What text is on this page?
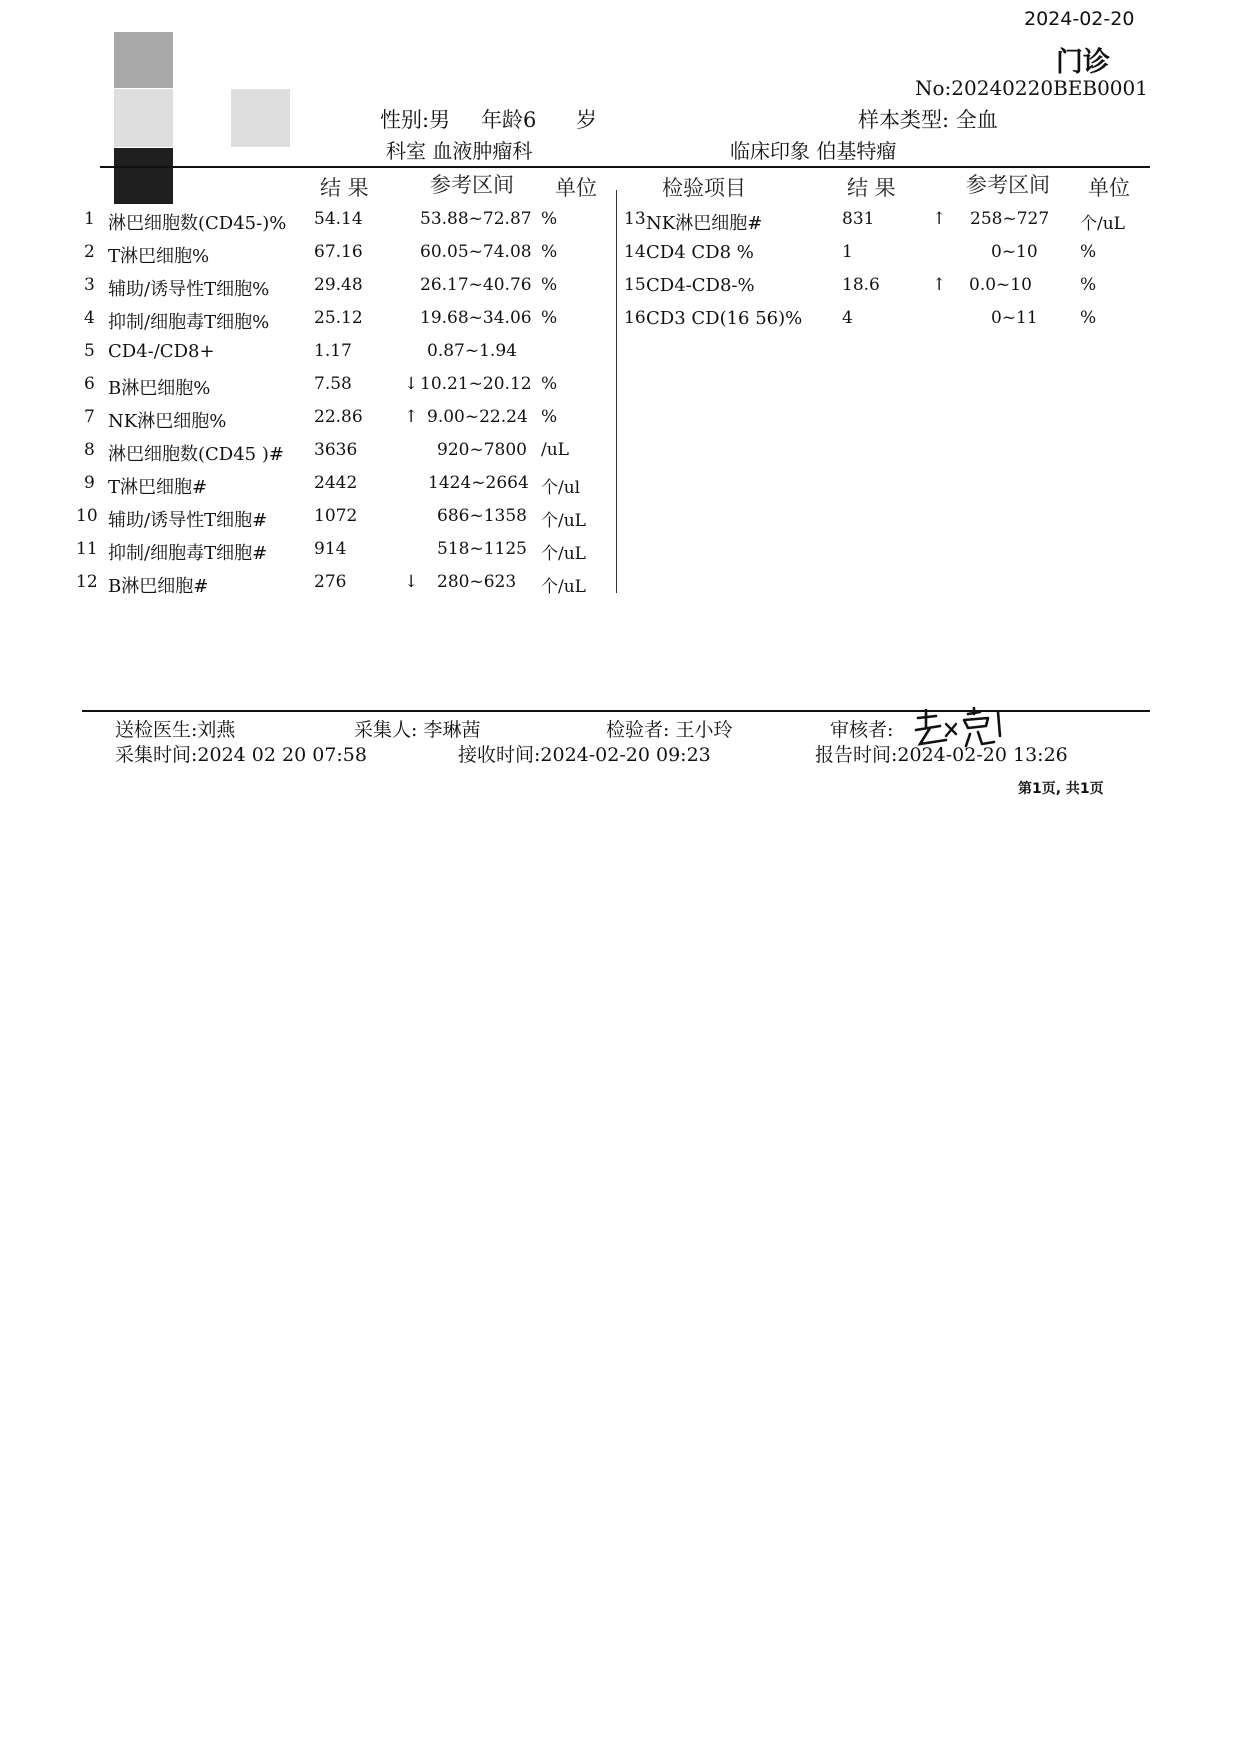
2024-02-20
门诊
No:20240220BEB0001
性别:男 年龄6 岁	样本类型: 全血
科室 血液肿瘤科	临床印象 伯基特瘤
结 果	参考区间 单位	检验项目	结 果	参考区间 单位
1 淋巴细胞数(CD45-)% 54.14	53.88~72.87 %
2 T淋巴细胞%	67.16	60.05~74.08 %
3 辅助/诱导性T细胞%	29.48	26.17~40.76 %
4 抑制/细胞毒T细胞%	25.12	19.68~34.06 %
5 CD4-/CD8+	1.17	0.87~1.94
6 B淋巴细胞%	7.58	↓ 10.21~20.12 %
7 NK淋巴细胞%	22.86 ↑ 9.00~22.24 %
8 淋巴细胞数(CD45 )# 3636	920~7800 /uL
9 T淋巴细胞#	2442	1424~2664 个/ul
10 辅助/诱导性T细胞#	1072	686~1358 个/uL
11 抑制/细胞毒T细胞#	914	518~1125 个/uL
12 B淋巴细胞#	276	↓ 280~623 个/uL
13 NK淋巴细胞#	831	↑ 258~727 个/uL
14 CD4 CD8 %	1	0~10 %
15 CD4-CD8-%	18.6	↑ 0.0~10	%
16 CD3 CD(16 56)% 4	0~11 %
送检医生:刘燕	采集人: 李琳茜	检验者: 王小玲	审核者:
采集时间:2024 02 20 07:58	接收时间:2024-02-20 09:23	报告时间:2024-02-20 13:26
第1页, 共1页
